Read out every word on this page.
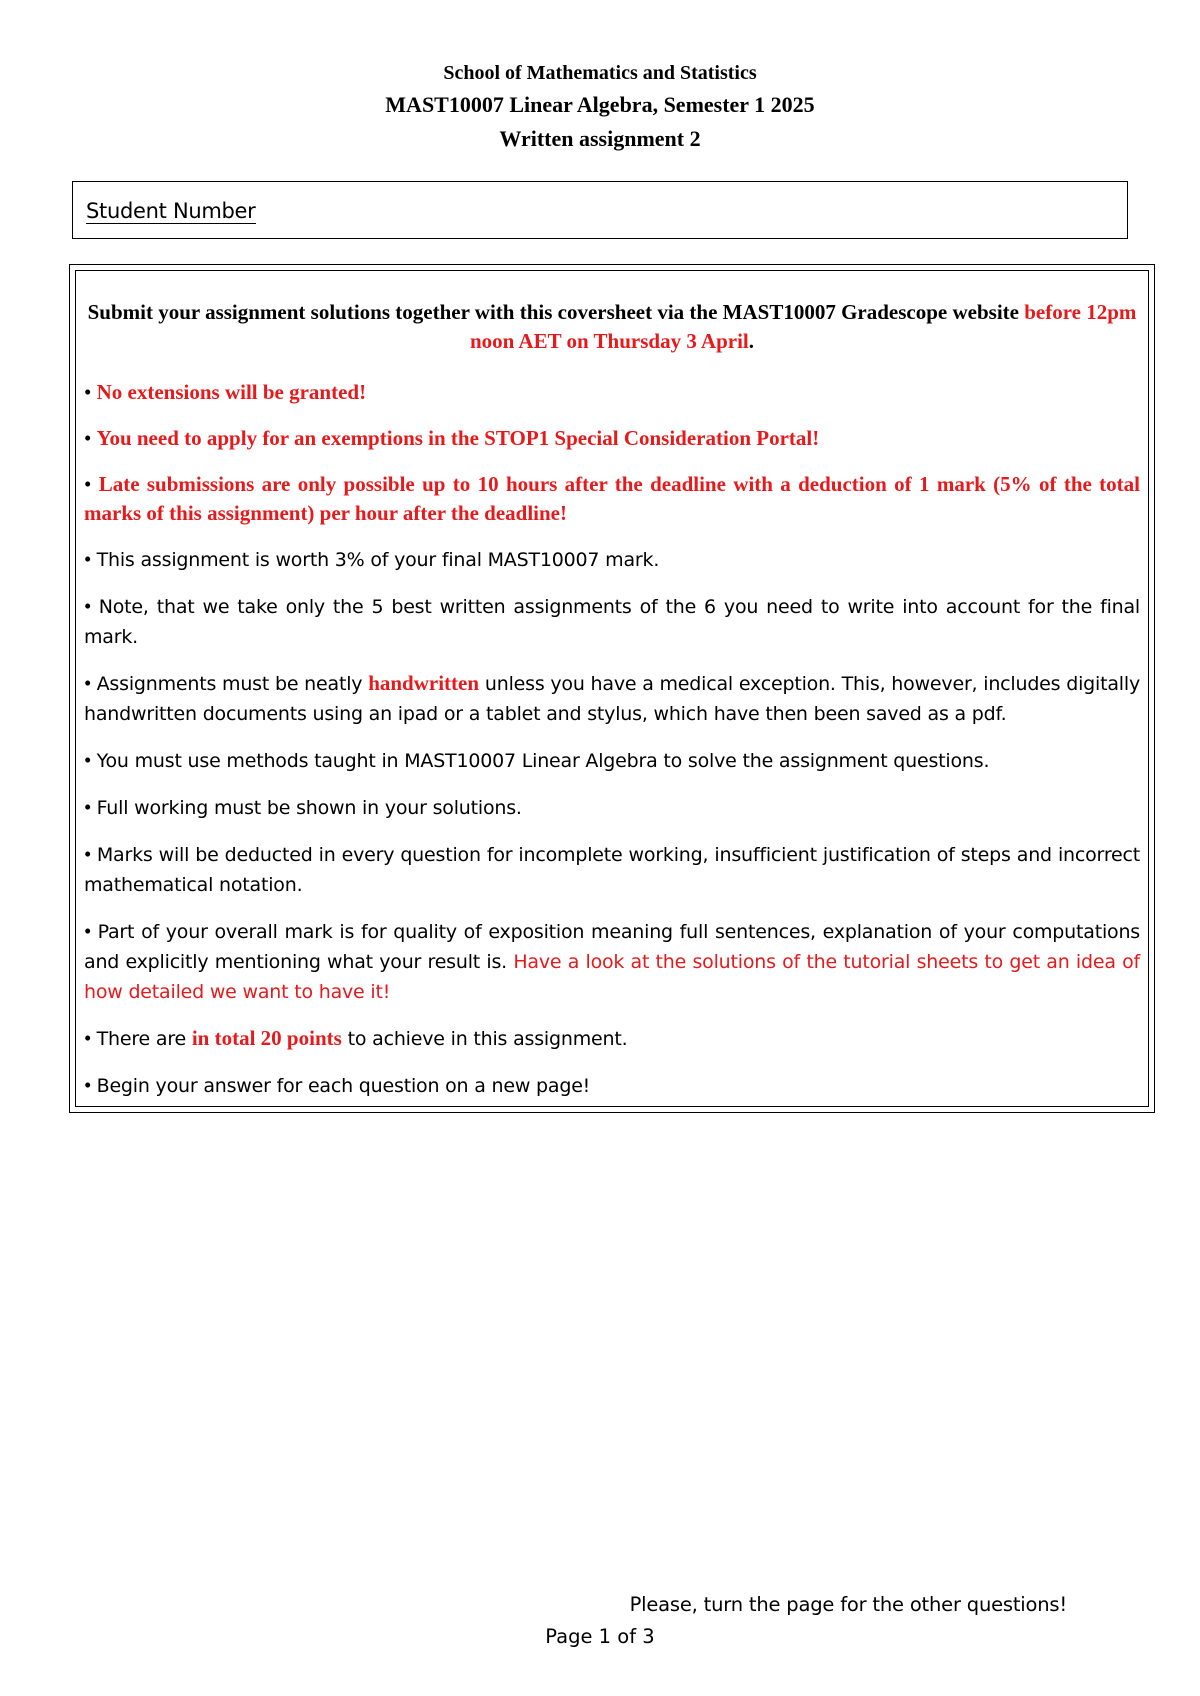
School of Mathematics and Statistics
MAST10007 Linear Algebra, Semester 1 2025
Written assignment 2
Student Number

Submit your assignment solutions together with this coversheet via the MAST10007 Gradescope website before 12pm noon AET on Thursday 3 April.

• No extensions will be granted!

• You need to apply for an exemptions in the STOP1 Special Consideration Portal!

• Late submissions are only possible up to 10 hours after the deadline with a deduction of 1 mark (5% of the total marks of this assignment) per hour after the deadline!

• This assignment is worth 3% of your final MAST10007 mark.

• Note, that we take only the 5 best written assignments of the 6 you need to write into account for the final mark.

• Assignments must be neatly handwritten unless you have a medical exception. This, however, includes digitally handwritten documents using an ipad or a tablet and stylus, which have then been saved as a pdf.

• You must use methods taught in MAST10007 Linear Algebra to solve the assignment questions.

• Full working must be shown in your solutions.

• Marks will be deducted in every question for incomplete working, insufficient justification of steps and incorrect mathematical notation.

• Part of your overall mark is for quality of exposition meaning full sentences, explanation of your computations and explicitly mentioning what your result is. Have a look at the solutions of the tutorial sheets to get an idea of how detailed we want to have it!

• There are in total 20 points to achieve in this assignment.

• Begin your answer for each question on a new page!

Please, turn the page for the other questions!
Page 1 of 3
